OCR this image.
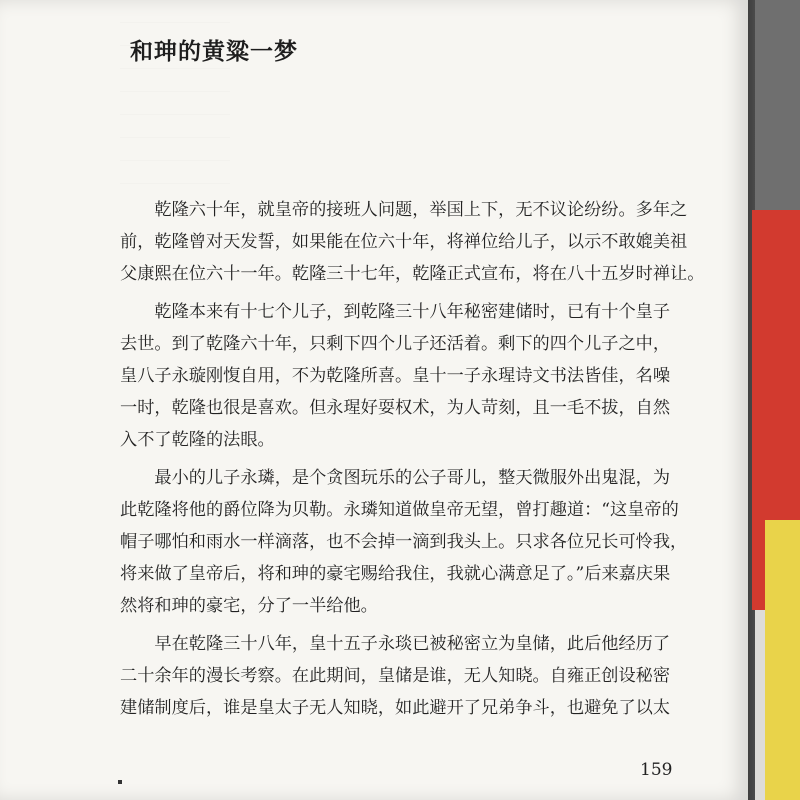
和珅的黄粱一梦

　　乾隆六十年，就皇帝的接班人问题，举国上下，无不议论纷纷。多年之
前，乾隆曾对天发誓，如果能在位六十年，将禅位给儿子，以示不敢媲美祖
父康熙在位六十一年。乾隆三十七年，乾隆正式宣布，将在八十五岁时禅让。

　　乾隆本来有十七个儿子，到乾隆三十八年秘密建储时，已有十个皇子
去世。到了乾隆六十年，只剩下四个儿子还活着。剩下的四个儿子之中，
皇八子永璇刚愎自用，不为乾隆所喜。皇十一子永瑆诗文书法皆佳，名噪
一时，乾隆也很是喜欢。但永瑆好耍权术，为人苛刻，且一毛不拔，自然
入不了乾隆的法眼。

　　最小的儿子永璘，是个贪图玩乐的公子哥儿，整天微服外出鬼混，为
此乾隆将他的爵位降为贝勒。永璘知道做皇帝无望，曾打趣道：“这皇帝的
帽子哪怕和雨水一样滴落，也不会掉一滴到我头上。只求各位兄长可怜我，
将来做了皇帝后，将和珅的豪宅赐给我住，我就心满意足了。”后来嘉庆果
然将和珅的豪宅，分了一半给他。

　　早在乾隆三十八年，皇十五子永琰已被秘密立为皇储，此后他经历了
二十余年的漫长考察。在此期间，皇储是谁，无人知晓。自雍正创设秘密
建储制度后，谁是皇太子无人知晓，如此避开了兄弟争斗，也避免了以太

159
